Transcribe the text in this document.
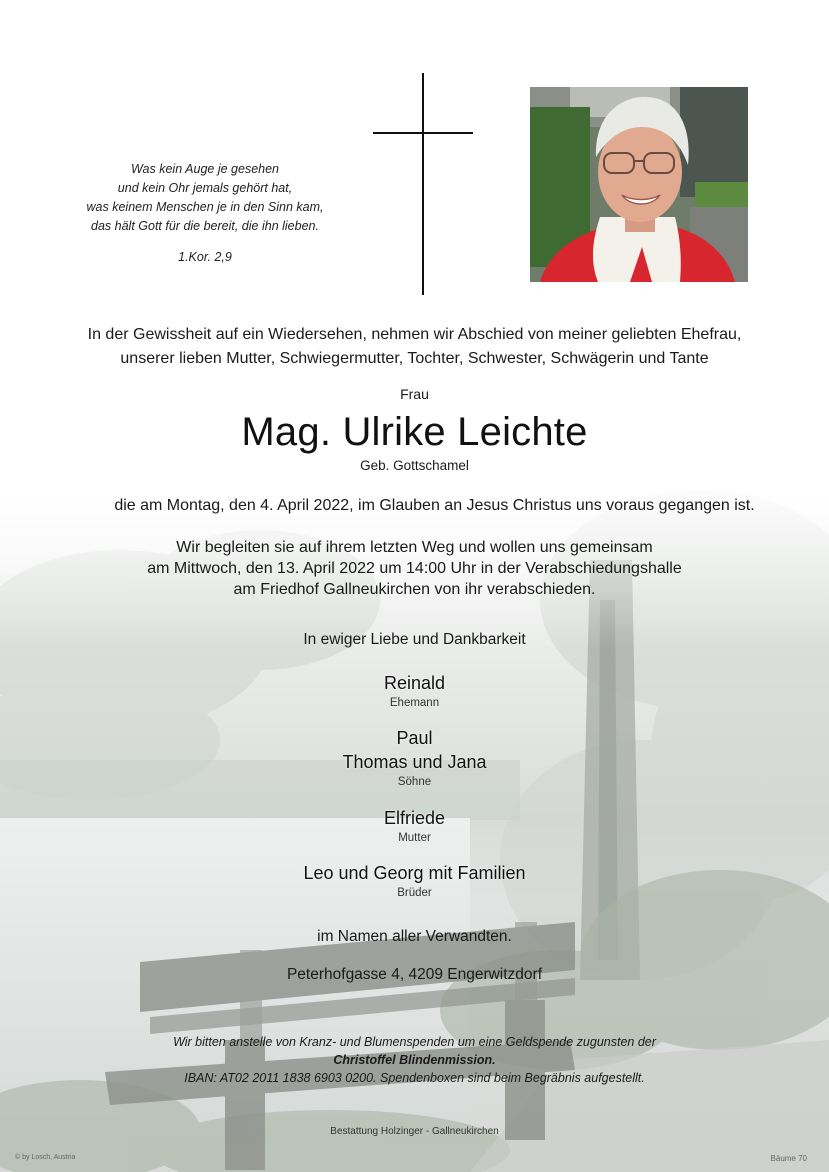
Was kein Auge je gesehen
und kein Ohr jemals gehört hat,
was keinem Menschen je in den Sinn kam,
das hält Gott für die bereit, die ihn lieben.
1.Kor. 2,9
In der Gewissheit auf ein Wiedersehen, nehmen wir Abschied von meiner geliebten Ehefrau,
unserer lieben Mutter, Schwiegermutter, Tochter, Schwester, Schwägerin und Tante
Frau
Mag. Ulrike Leichte
Geb. Gottschamel
die am Montag, den 4. April 2022, im Glauben an Jesus Christus uns voraus gegangen ist.
Wir begleiten sie auf ihrem letzten Weg und wollen uns gemeinsam
am Mittwoch, den 13. April 2022 um 14:00 Uhr in der Verabschiedungshalle
am Friedhof Gallneukirchen von ihr verabschieden.
In ewiger Liebe und Dankbarkeit
Reinald
Ehemann
Paul
Thomas und Jana
Söhne
Elfriede
Mutter
Leo und Georg mit Familien
Brüder
im Namen aller Verwandten.
Peterhofgasse 4, 4209 Engerwitzdorf
Wir bitten anstelle von Kranz- und Blumenspenden um eine Geldspende zugunsten der
Christoffel Blindenmission.
IBAN: AT02 2011 1838 6903 0200. Spendenboxen sind beim Begräbnis aufgestellt.
Bestattung Holzinger - Gallneukirchen
© by Losch, Austria	Bäume 70
